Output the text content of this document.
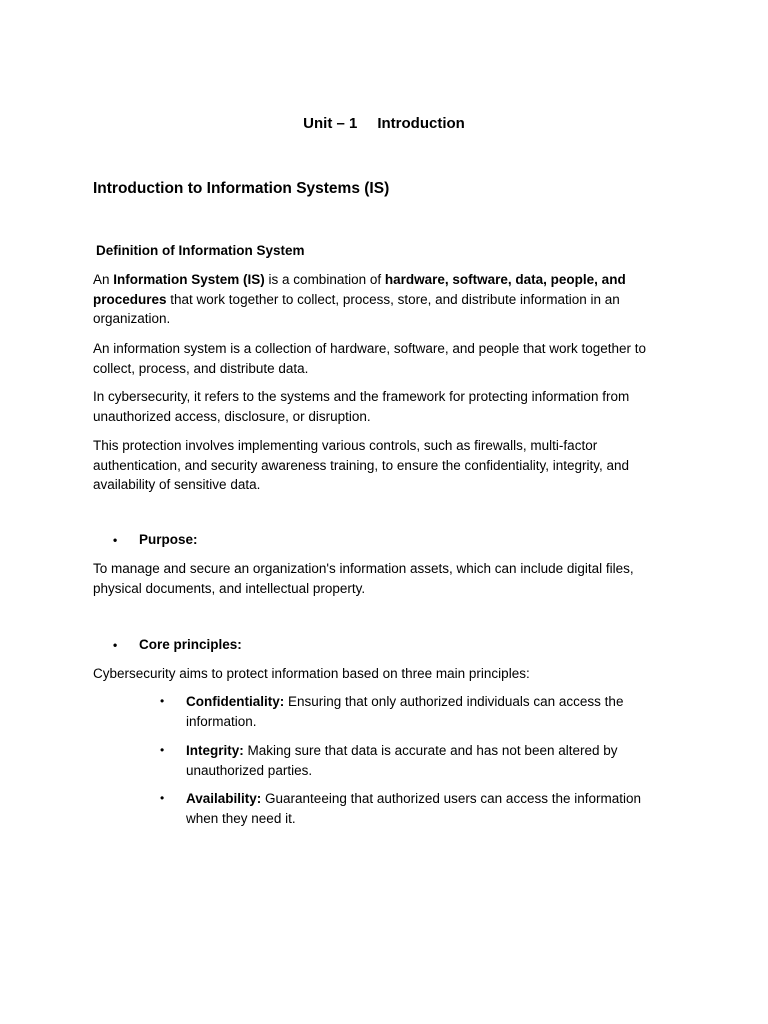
Unit – 1 Introduction
Introduction to Information Systems (IS)
Definition of Information System

An Information System (IS) is a combination of hardware, software, data, people, and procedures that work together to collect, process, store, and distribute information in an organization.

An information system is a collection of hardware, software, and people that work together to collect, process, and distribute data.

In cybersecurity, it refers to the systems and the framework for protecting information from unauthorized access, disclosure, or disruption.

This protection involves implementing various controls, such as firewalls, multi-factor authentication, and security awareness training, to ensure the confidentiality, integrity, and availability of sensitive data.

• Purpose:

To manage and secure an organization's information assets, which can include digital files, physical documents, and intellectual property.

• Core principles:

Cybersecurity aims to protect information based on three main principles:

•	Confidentiality: Ensuring that only authorized individuals can access the information.
•	Integrity: Making sure that data is accurate and has not been altered by unauthorized parties.
•	Availability: Guaranteeing that authorized users can access the information when they need it.
